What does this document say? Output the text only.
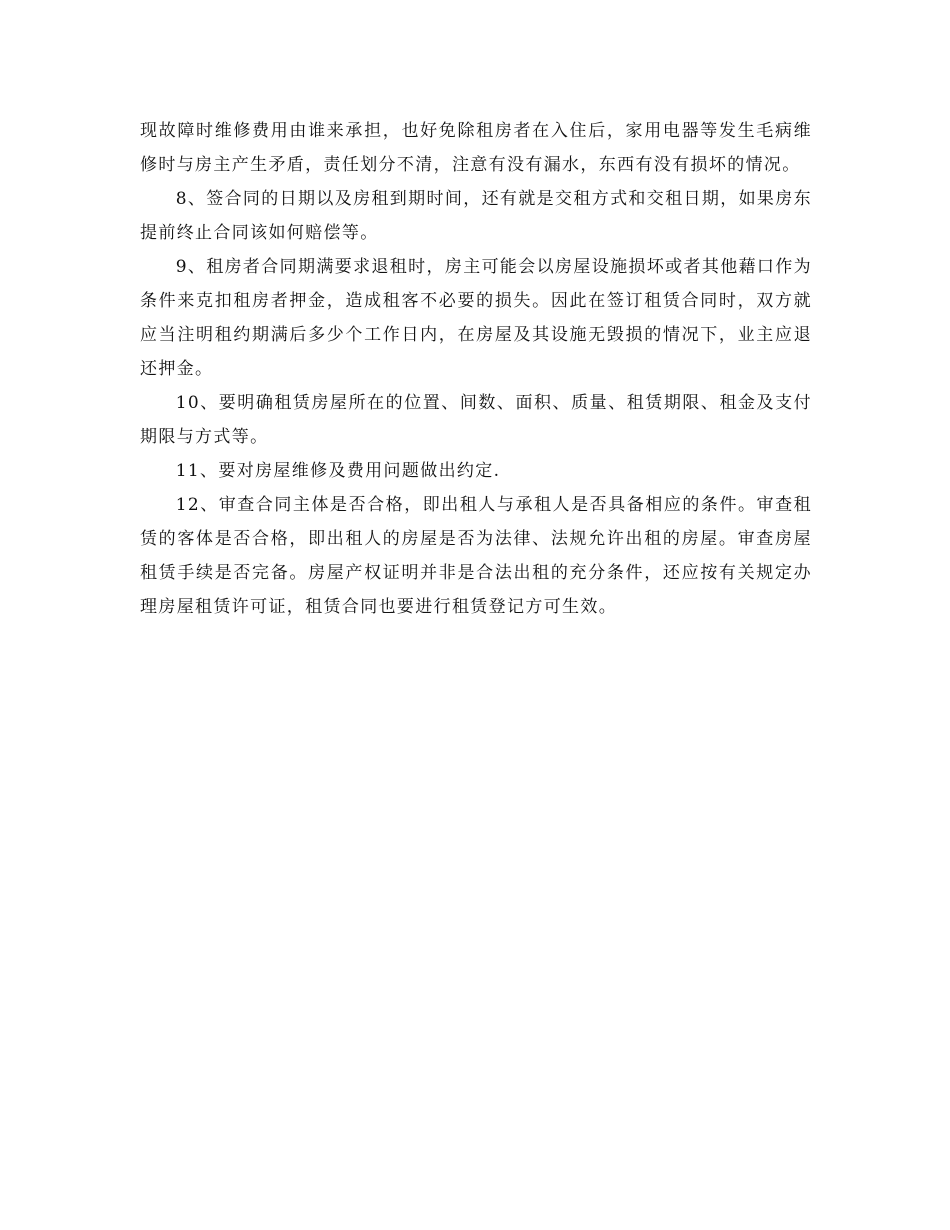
现故障时维修费用由谁来承担，也好免除租房者在入住后，家用电器等发生毛病维修时与房主产生矛盾，责任划分不清，注意有没有漏水，东西有没有损坏的情况。

8、签合同的日期以及房租到期时间，还有就是交租方式和交租日期，如果房东提前终止合同该如何赔偿等。

9、租房者合同期满要求退租时，房主可能会以房屋设施损坏或者其他藉口作为条件来克扣租房者押金，造成租客不必要的损失。因此在签订租赁合同时，双方就应当注明租约期满后多少个工作日内，在房屋及其设施无毁损的情况下，业主应退还押金。

10、要明确租赁房屋所在的位置、间数、面积、质量、租赁期限、租金及支付期限与方式等。

11、要对房屋维修及费用问题做出约定.

12、审查合同主体是否合格，即出租人与承租人是否具备相应的条件。审查租赁的客体是否合格，即出租人的房屋是否为法律、法规允许出租的房屋。审查房屋租赁手续是否完备。房屋产权证明并非是合法出租的充分条件，还应按有关规定办理房屋租赁许可证，租赁合同也要进行租赁登记方可生效。
